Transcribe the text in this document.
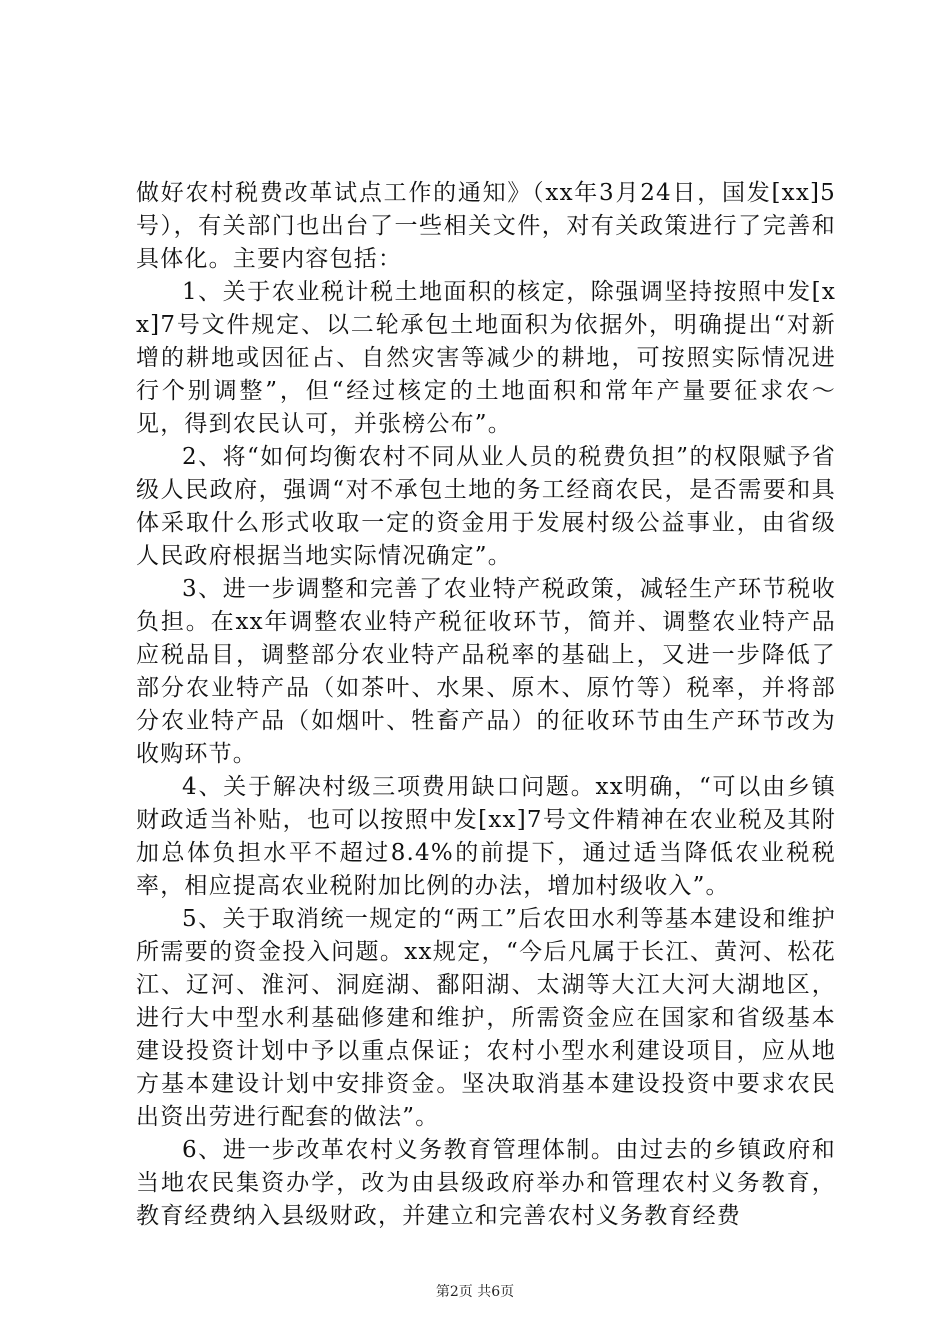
做好农村税费改革试点工作的通知》（xx年3月24日，国发[xx]5号），有关部门也出台了一些相关文件，对有关政策进行了完善和具体化。主要内容包括：

1、关于农业税计税土地面积的核定，除强调坚持按照中发[xx]7号文件规定、以二轮承包土地面积为依据外，明确提出“对新增的耕地或因征占、自然灾害等减少的耕地，可按照实际情况进行个别调整”，但“经过核定的土地面积和常年产量要征求农～见，得到农民认可，并张榜公布”。

2、将“如何均衡农村不同从业人员的税费负担”的权限赋予省级人民政府，强调“对不承包土地的务工经商农民，是否需要和具体采取什么形式收取一定的资金用于发展村级公益事业，由省级人民政府根据当地实际情况确定”。

3、进一步调整和完善了农业特产税政策，减轻生产环节税收负担。在xx年调整农业特产税征收环节，简并、调整农业特产品应税品目，调整部分农业特产品税率的基础上，又进一步降低了部分农业特产品（如茶叶、水果、原木、原竹等）税率，并将部分农业特产品（如烟叶、牲畜产品）的征收环节由生产环节改为收购环节。

4、关于解决村级三项费用缺口问题。xx明确，“可以由乡镇财政适当补贴，也可以按照中发[xx]7号文件精神在农业税及其附加总体负担水平不超过8.4%的前提下，通过适当降低农业税税率，相应提高农业税附加比例的办法，增加村级收入”。

5、关于取消统一规定的“两工”后农田水利等基本建设和维护所需要的资金投入问题。xx规定，“今后凡属于长江、黄河、松花江、辽河、淮河、洞庭湖、鄱阳湖、太湖等大江大河大湖地区，进行大中型水利基础修建和维护，所需资金应在国家和省级基本建设投资计划中予以重点保证；农村小型水利建设项目，应从地方基本建设计划中安排资金。坚决取消基本建设投资中要求农民出资出劳进行配套的做法”。

6、进一步改革农村义务教育管理体制。由过去的乡镇政府和当地农民集资办学，改为由县级政府举办和管理农村义务教育，教育经费纳入县级财政，并建立和完善农村义务教育经费

第2页 共6页
